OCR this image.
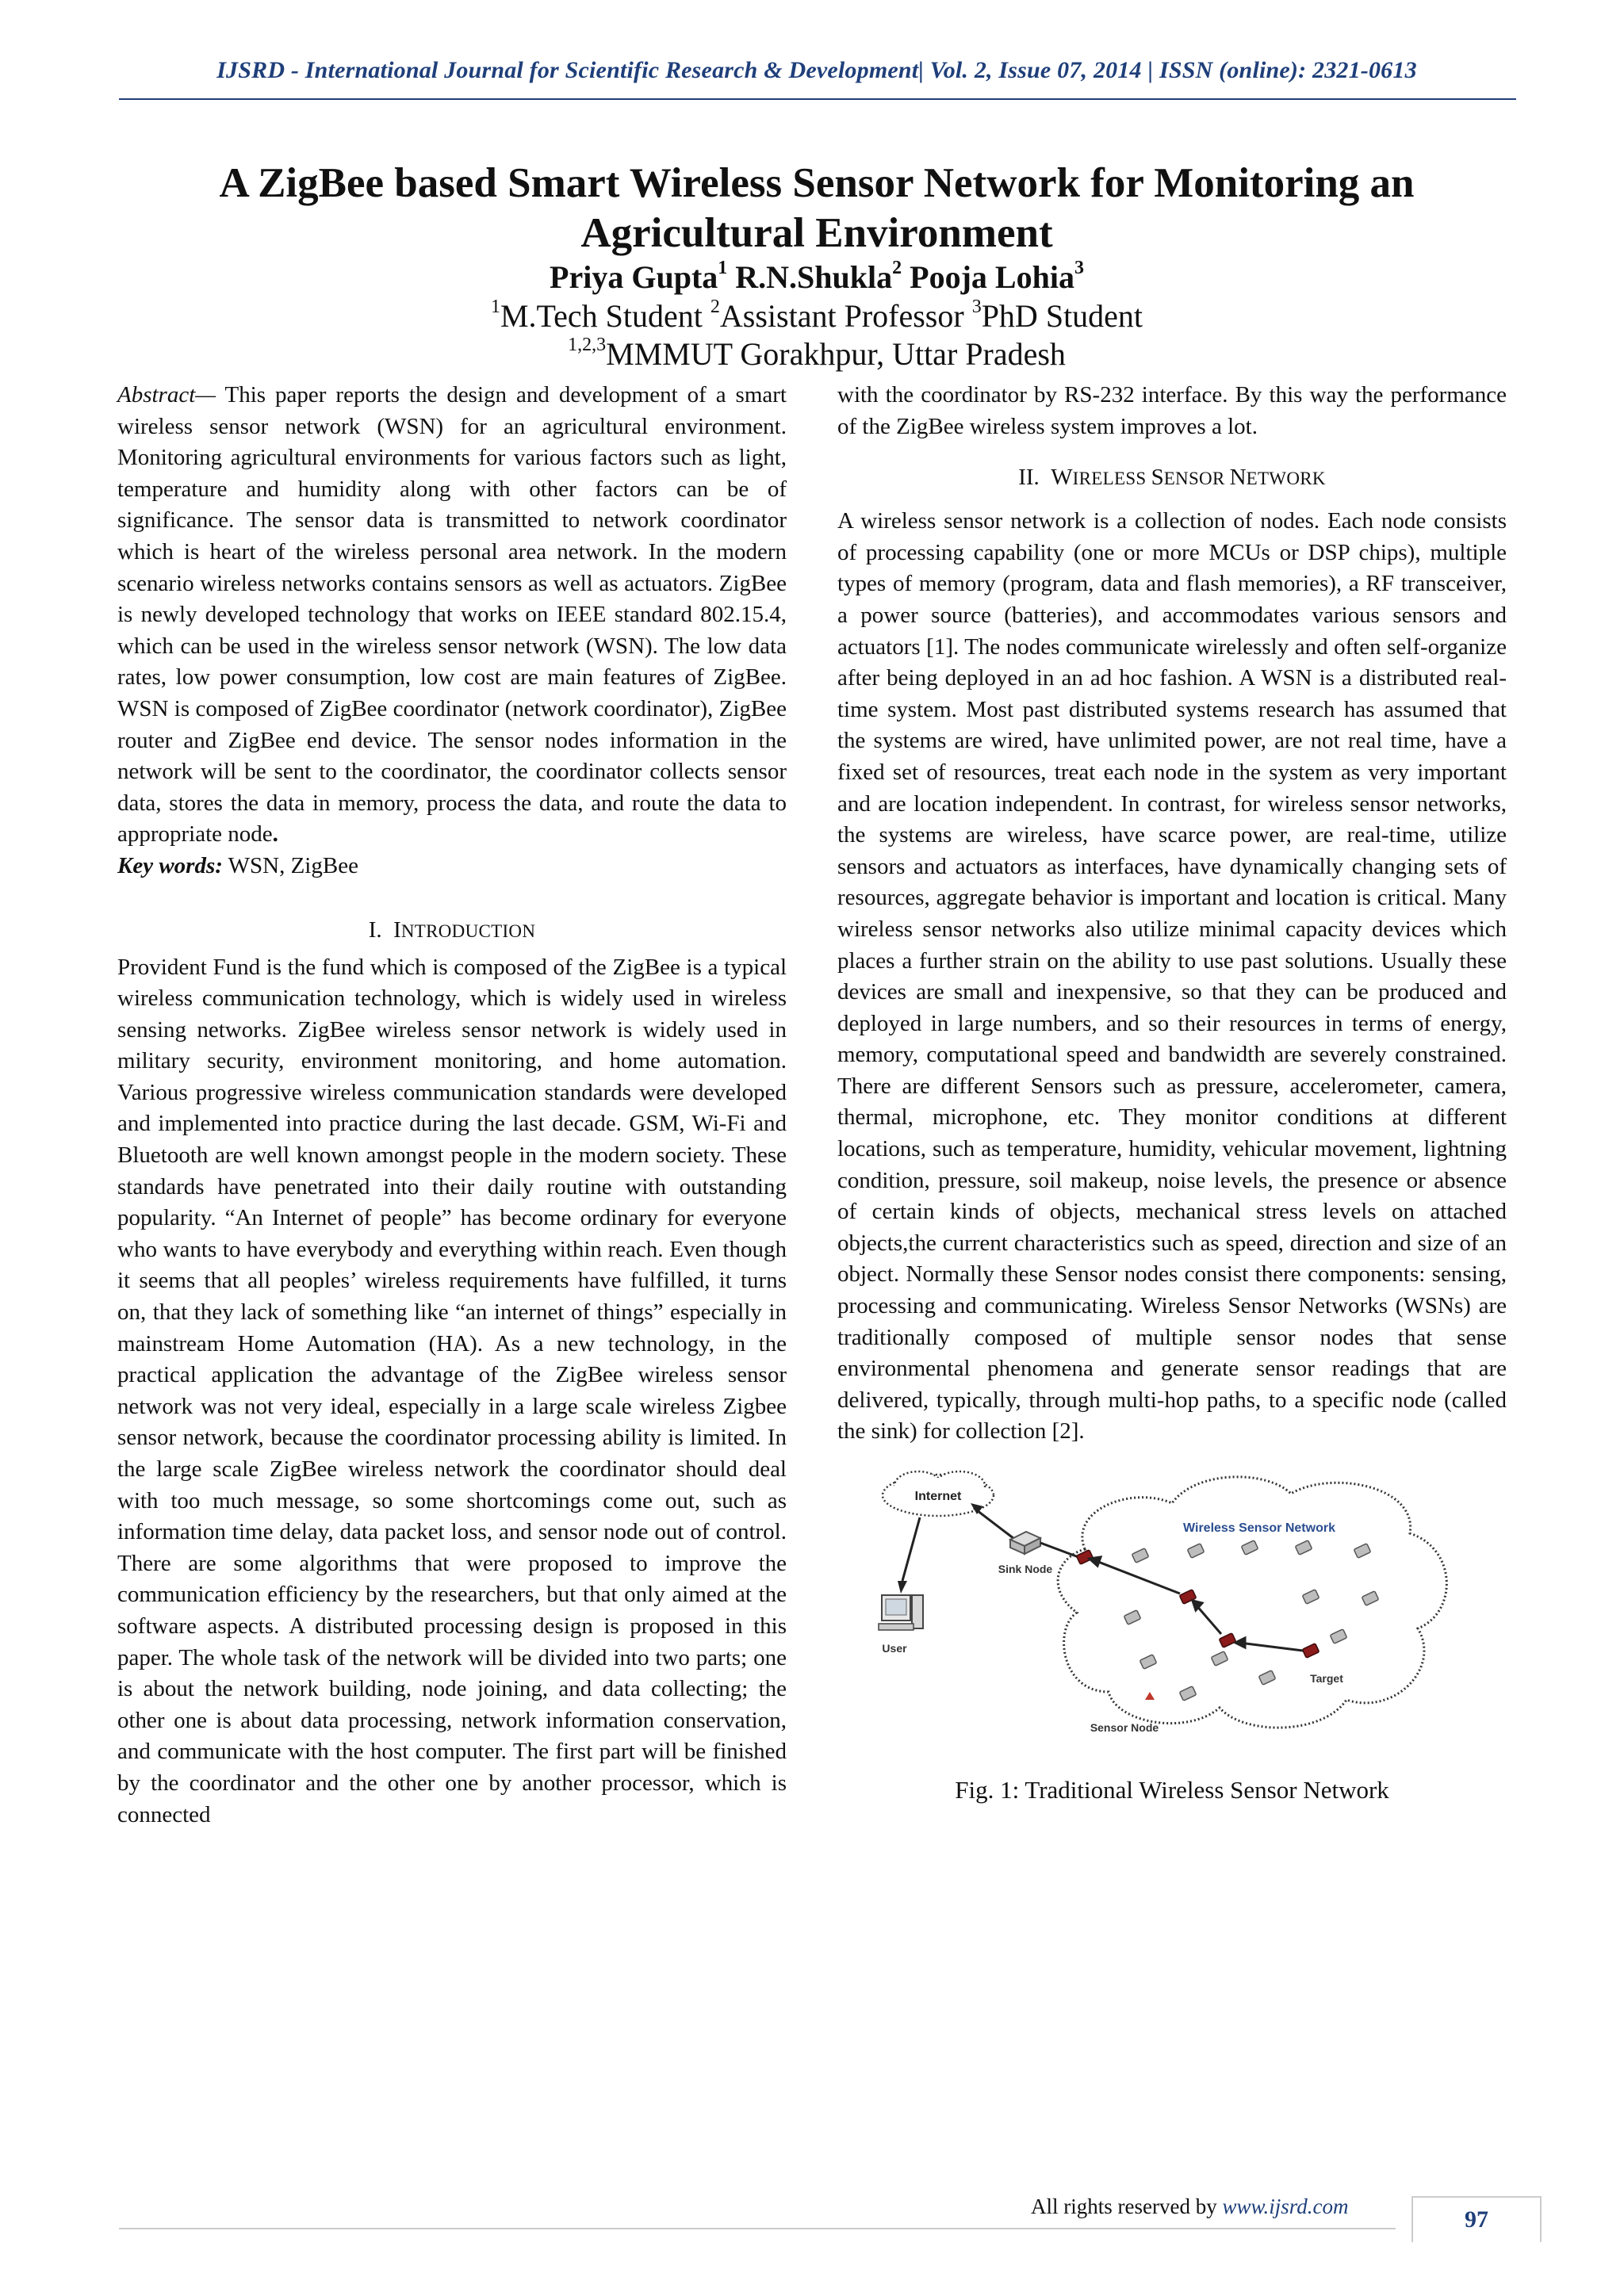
IJSRD - International Journal for Scientific Research & Development| Vol. 2, Issue 07, 2014 | ISSN (online): 2321-0613
A ZigBee based Smart Wireless Sensor Network for Monitoring an Agricultural Environment
Priya Gupta$^1$ R.N.Shukla$^2$ Pooja Lohia$^3$
$^1$M.Tech Student $^2$Assistant Professor $^3$PhD Student
$^{1,2,3}$MMMUT Gorakhpur, Uttar Pradesh

Abstract— This paper reports the design and development of a smart wireless sensor network (WSN) for an agricultural environment. Monitoring agricultural environments for various factors such as light, temperature and humidity along with other factors can be of significance. The sensor data is transmitted to network coordinator which is heart of the wireless personal area network. In the modern scenario wireless networks contains sensors as well as actuators. ZigBee is newly developed technology that works on IEEE standard 802.15.4, which can be used in the wireless sensor network (WSN). The low data rates, low power consumption, low cost are main features of ZigBee. WSN is composed of ZigBee coordinator (network coordinator), ZigBee router and ZigBee end device. The sensor nodes information in the network will be sent to the coordinator, the coordinator collects sensor data, stores the data in memory, process the data, and route the data to appropriate node.

Key words: WSN, ZigBee

I. INTRODUCTION

Provident Fund is the fund which is composed of the ZigBee is a typical wireless communication technology, which is widely used in wireless sensing networks. ZigBee wireless sensor network is widely used in military security, environment monitoring, and home automation. Various progressive wireless communication standards were developed and implemented into practice during the last decade. GSM, Wi-Fi and Bluetooth are well known amongst people in the modern society. These standards have penetrated into their daily routine with outstanding popularity. “An Internet of people” has become ordinary for everyone who wants to have everybody and everything within reach. Even though it seems that all peoples’ wireless requirements have fulfilled, it turns on, that they lack of something like “an internet of things” especially in mainstream Home Automation (HA). As a new technology, in the practical application the advantage of the ZigBee wireless sensor network was not very ideal, especially in a large scale wireless Zigbee sensor network, because the coordinator processing ability is limited. In the large scale ZigBee wireless network the coordinator should deal with too much message, so some shortcomings come out, such as information time delay, data packet loss, and sensor node out of control. There are some algorithms that were proposed to improve the communication efficiency by the researchers, but that only aimed at the software aspects. A distributed processing design is proposed in this paper. The whole task of the network will be divided into two parts; one is about the network building, node joining, and data collecting; the other one is about data processing, network information conservation, and communicate with the host computer. The first part will be finished by the coordinator and the other one by another processor, which is connected

with the coordinator by RS-232 interface. By this way the performance of the ZigBee wireless system improves a lot.

II. WIRELESS SENSOR NETWORK

A wireless sensor network is a collection of nodes. Each node consists of processing capability (one or more MCUs or DSP chips), multiple types of memory (program, data and flash memories), a RF transceiver, a power source (batteries), and accommodates various sensors and actuators [1]. The nodes communicate wirelessly and often self-organize after being deployed in an ad hoc fashion. A WSN is a distributed real-time system. Most past distributed systems research has assumed that the systems are wired, have unlimited power, are not real time, have a fixed set of resources, treat each node in the system as very important and are location independent. In contrast, for wireless sensor networks, the systems are wireless, have scarce power, are real-time, utilize sensors and actuators as interfaces, have dynamically changing sets of resources, aggregate behavior is important and location is critical. Many wireless sensor networks also utilize minimal capacity devices which places a further strain on the ability to use past solutions. Usually these devices are small and inexpensive, so that they can be produced and deployed in large numbers, and so their resources in terms of energy, memory, computational speed and bandwidth are severely constrained. There are different Sensors such as pressure, accelerometer, camera, thermal, microphone, etc. They monitor conditions at different locations, such as temperature, humidity, vehicular movement, lightning condition, pressure, soil makeup, noise levels, the presence or absence of certain kinds of objects, mechanical stress levels on attached objects,the current characteristics such as speed, direction and size of an object. Normally these Sensor nodes consist there components: sensing, processing and communicating. Wireless Sensor Networks (WSNs) are traditionally composed of multiple sensor nodes that sense environmental phenomena and generate sensor readings that are delivered, typically, through multi-hop paths, to a specific node (called the sink) for collection [2].

Internet
User
Sink Node
Wireless Sensor Network
Target
Sensor Node
Fig. 1: Traditional Wireless Sensor Network
All rights reserved by www.ijsrd.com	97
